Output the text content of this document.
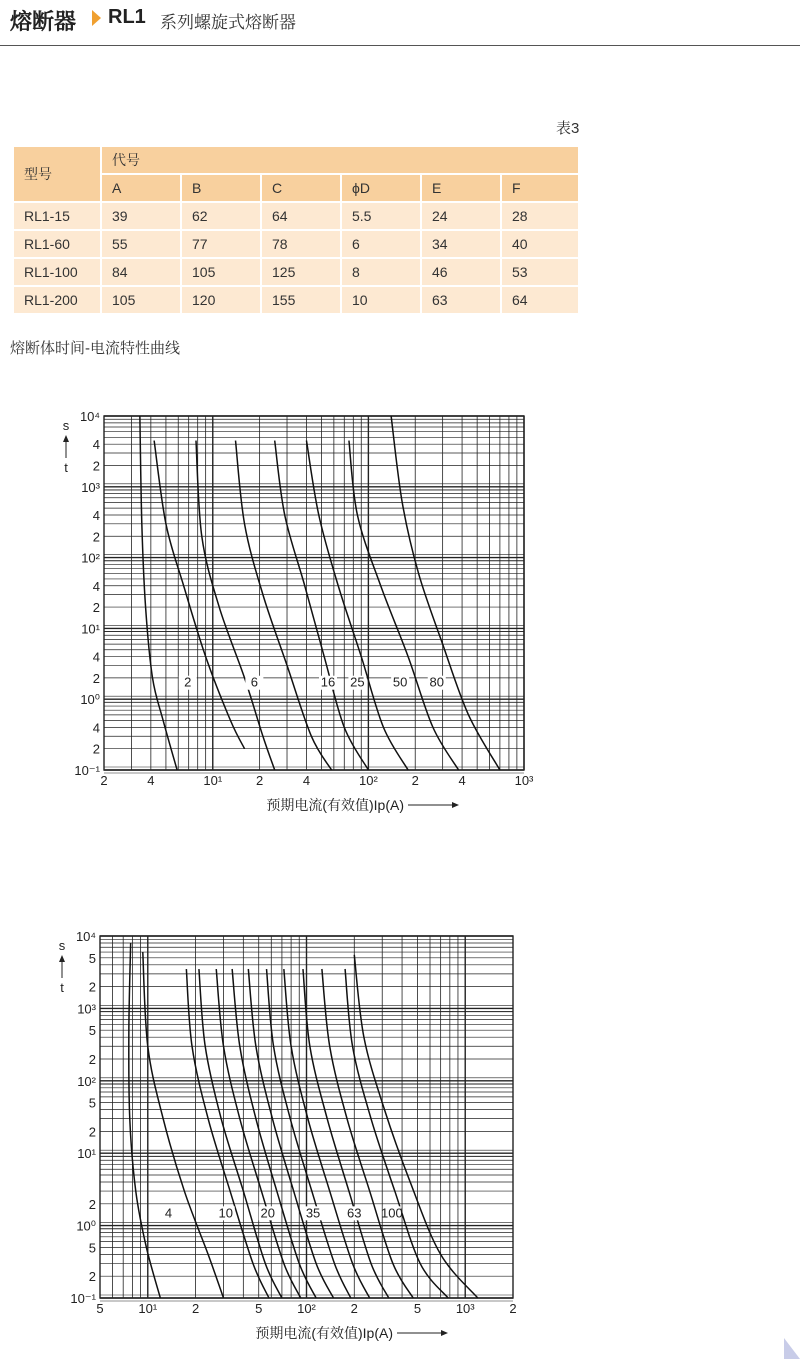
熔断器 RL1 系列螺旋式熔断器
表3
型号	代号					
	A	B	C	ϕD	E	F
RL1-15	39	62	64	5.5	24	28
RL1-60	55	77	78	6	34	40
RL1-100	84	105	125	8	46	53
RL1-200	105	120	155	10	63	64
熔断体时间-电流特性曲线
2	4	10¹	2	4	10²	2	4	10³
10⁻¹
2
4
10⁰
2
4
10¹
2
4
10²
2
4
10³
2
4
10⁴
s
t
预期电流(有效值)Ip(A)
2	6	16 25 50 80
5	10¹	2	5	10²	2	5	10³	2
10⁻¹
2
5
10⁰
2
10¹
2
5
10²
2
5
10³
2
5
10⁴
s
t
预期电流(有效值)Ip(A)
4	10 20 35 63 100
